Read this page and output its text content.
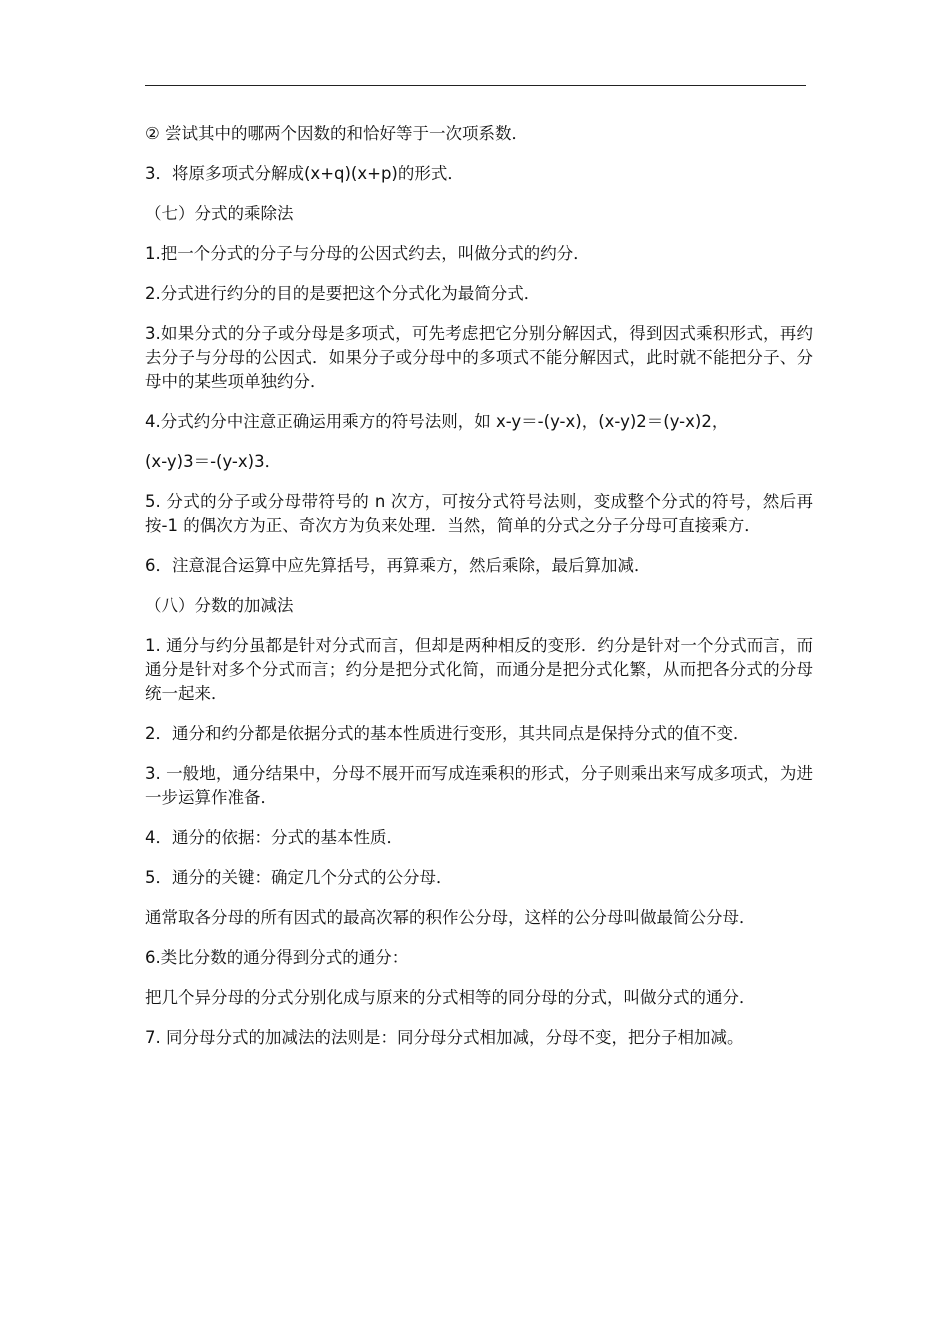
② 尝试其中的哪两个因数的和恰好等于一次项系数．

3．将原多项式分解成(x+q)(x+p)的形式．

（七）分式的乘除法

1.把一个分式的分子与分母的公因式约去，叫做分式的约分．

2.分式进行约分的目的是要把这个分式化为最简分式．

3.如果分式的分子或分母是多项式，可先考虑把它分别分解因式，得到因式乘积形式，再约去分子与分母的公因式．如果分子或分母中的多项式不能分解因式，此时就不能把分子、分母中的某些项单独约分．

4.分式约分中注意正确运用乘方的符号法则，如 x-y＝-(y-x)，(x-y)2＝(y-x)2，

(x-y)3＝-(y-x)3．

5. 分式的分子或分母带符号的 n 次方，可按分式符号法则，变成整个分式的符号，然后再按-1 的偶次方为正、奇次方为负来处理．当然，简单的分式之分子分母可直接乘方．

6．注意混合运算中应先算括号，再算乘方，然后乘除，最后算加减．

（八）分数的加减法

1. 通分与约分虽都是针对分式而言，但却是两种相反的变形．约分是针对一个分式而言，而通分是针对多个分式而言；约分是把分式化简，而通分是把分式化繁，从而把各分式的分母统一起来．

2．通分和约分都是依据分式的基本性质进行变形，其共同点是保持分式的值不变．

3. 一般地，通分结果中，分母不展开而写成连乘积的形式，分子则乘出来写成多项式，为进一步运算作准备．

4．通分的依据：分式的基本性质．

5．通分的关键：确定几个分式的公分母．

通常取各分母的所有因式的最高次幂的积作公分母，这样的公分母叫做最简公分母．

6.类比分数的通分得到分式的通分：

把几个异分母的分式分别化成与原来的分式相等的同分母的分式，叫做分式的通分．

7. 同分母分式的加减法的法则是：同分母分式相加减，分母不变，把分子相加减。
